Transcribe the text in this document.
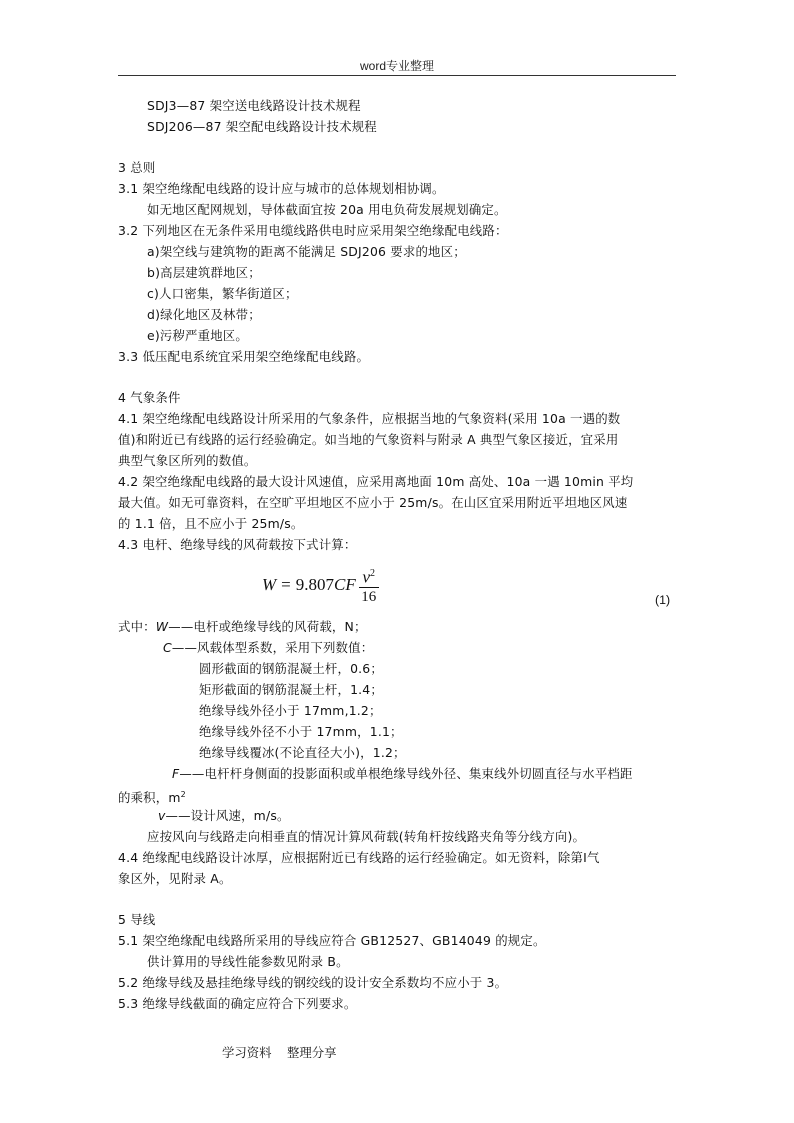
word专业整理
SDJ3—87 架空送电线路设计技术规程
SDJ206—87 架空配电线路设计技术规程
3 总则
3.1 架空绝缘配电线路的设计应与城市的总体规划相协调。
如无地区配网规划，导体截面宜按 20a 用电负荷发展规划确定。
3.2 下列地区在无条件采用电缆线路供电时应采用架空绝缘配电线路：
a)架空线与建筑物的距离不能满足 SDJ206 要求的地区；
b)高层建筑群地区；
c)人口密集，繁华街道区；
d)绿化地区及林带；
e)污秽严重地区。
3.3 低压配电系统宜采用架空绝缘配电线路。
4 气象条件
4.1 架空绝缘配电线路设计所采用的气象条件，应根据当地的气象资料(采用 10a 一遇的数
值)和附近已有线路的运行经验确定。如当地的气象资料与附录 A 典型气象区接近，宜采用
典型气象区所列的数值。
4.2 架空绝缘配电线路的最大设计风速值，应采用离地面 10m 高处、10a 一遇 10min 平均
最大值。如无可靠资料，在空旷平坦地区不应小于 25m/s。在山区宜采用附近平坦地区风速
的 1.1 倍，且不应小于 25m/s。
4.3 电杆、绝缘导线的风荷载按下式计算：
W = 9.807 CF $\frac{v^2}{16}$	(1)
式中：W——电杆或绝缘导线的风荷载，N；
C——风载体型系数，采用下列数值：
圆形截面的钢筋混凝土杆，0.6；
矩形截面的钢筋混凝土杆，1.4；
绝缘导线外径小于 17mm,1.2；
绝缘导线外径不小于 17mm，1.1；
绝缘导线覆冰(不论直径大小)，1.2；
F——电杆杆身侧面的投影面积或单根绝缘导线外径、集束线外切圆直径与水平档距
的乘积，$m^2$
v——设计风速，m/s。
应按风向与线路走向相垂直的情况计算风荷载(转角杆按线路夹角等分线方向)。
4.4 绝缘配电线路设计冰厚，应根据附近已有线路的运行经验确定。如无资料，除第Ⅰ气
象区外，见附录 A。
5 导线
5.1 架空绝缘配电线路所采用的导线应符合 GB12527、GB14049 的规定。
供计算用的导线性能参数见附录 B。
5.2 绝缘导线及悬挂绝缘导线的钢绞线的设计安全系数均不应小于 3。
5.3 绝缘导线截面的确定应符合下列要求。
学习资料 整理分享
